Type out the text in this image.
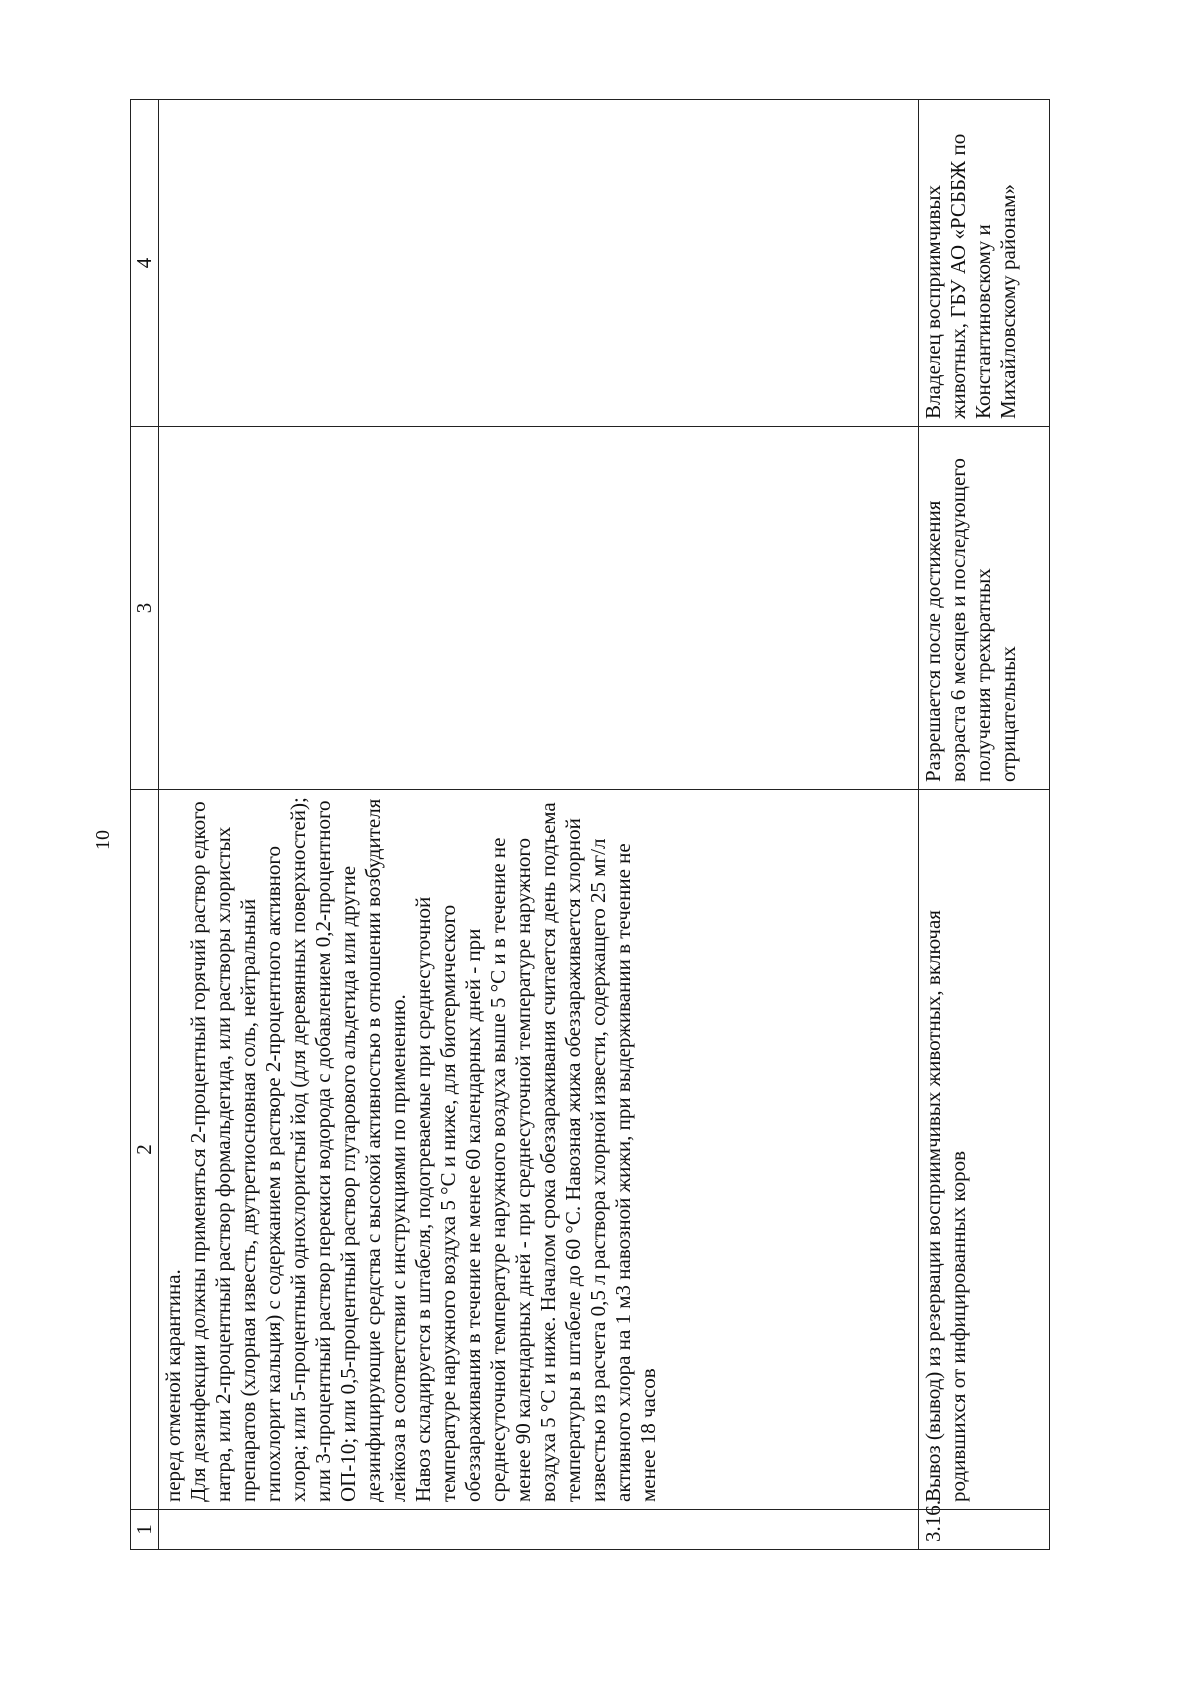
10
1	2	3	4

	перед отменой карантина. Для дезинфекции должны применяться 2-процентный горячий раствор едкого натра, или 2-процентный раствор формальдегида, или растворы хлористых препаратов (хлорная известь, двутретиосновная соль, нейтральный гипохлорит кальция) с содержанием в растворе 2-процентного активного хлора; или 5-процентный однохлористый йод (для деревянных поверхностей); или 3-процентный раствор перекиси водорода с добавлением 0,2-процентного ОП-10; или 0,5-процентный раствор глутарового альдегида или другие дезинфицирующие средства с высокой активностью в отношении возбудителя лейкоза в соответствии с инструкциями по применению. Навоз складируется в штабеля, подогреваемые при среднесуточной температуре наружного воздуха 5 °С и ниже, для биотермического обеззараживания в течение не менее 60 календарных дней - при среднесуточной температуре наружного воздуха выше 5 °С и в течение не менее 90 календарных дней - при среднесуточной температуре наружного воздуха 5 °С и ниже. Началом срока обеззараживания считается день подъема температуры в штабеле до 60 °С. Навозная жижа обеззараживается хлорной известью из расчета 0,5 л раствора хлорной извести, содержащего 25 мг/л активного хлора на 1 м3 навозной жижи, при выдерживании в течение не менее 18 часов		

3.16.	Вывоз (вывод) из резервации восприимчивых животных, включая родившихся от инфицированных коров	Разрешается после достижения возраста 6 месяцев и последующего получения трехкратных отрицательных	Владелец восприимчивых животных, ГБУ АО «РСББЖ по Константиновскому и Михайловскому районам»
